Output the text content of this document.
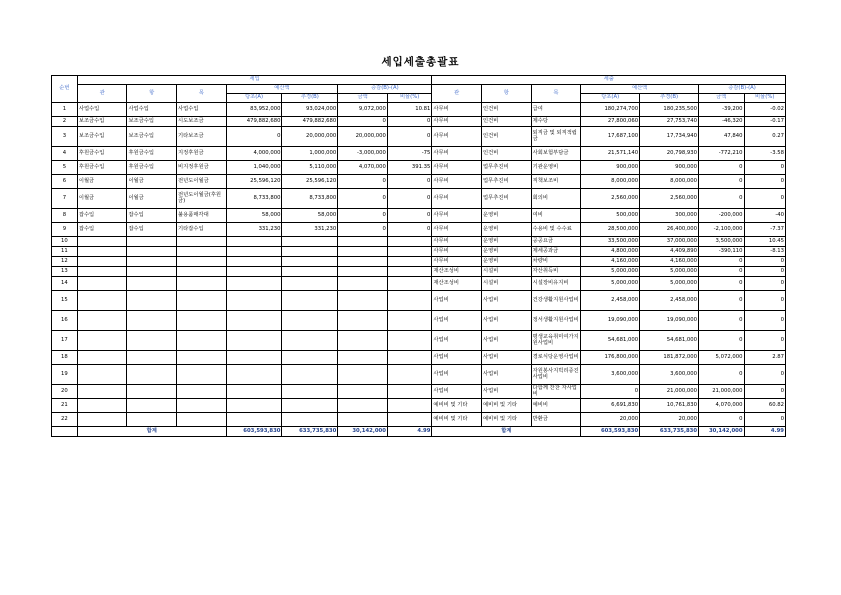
세입세출총괄표
순번	세입							세출						
	관	항	목	예산액		증감(B)-(A)		관	항	목	예산액		증감(B)-(A)	
				당초(A)	추경(B)	금액	비율(%)				당초(A)	추경(B)	금액	비율(%)
1	사업수입	사업수입	사업수입	83,952,000	93,024,000	9,072,000	10.81	사무비	인건비	급여	180,274,700	180,235,500	-39,200	-0.02
2	보조금수입	보조금수입	시도보조금	479,882,680	479,882,680	0	0	사무비	인건비	제수당	27,800,060	27,753,740	-46,320	-0.17
3	보조금수입	보조금수입	기타보조금	0	20,000,000	20,000,000	0	사무비	인건비	퇴직금 및 퇴직적립금	17,687,100	17,734,940	47,840	0.27
4	후원금수입	후원금수입	지정후원금	4,000,000	1,000,000	-3,000,000	-75	사무비	인건비	사회보험부담금	21,571,140	20,798,930	-772,210	-3.58
5	후원금수입	후원금수입	비지정후원금	1,040,000	5,110,000	4,070,000	391.35	사무비	업무추진비	기관운영비	900,000	900,000	0	0
6	이월금	이월금	전년도이월금	25,596,120	25,596,120	0	0	사무비	업무추진비	직책보조비	8,000,000	8,000,000	0	0
7	이월금	이월금	전년도이월금(후원금)	8,733,800	8,733,800	0	0	사무비	업무추진비	회의비	2,560,000	2,560,000	0	0
8	잡수입	잡수입	불용품매각대	58,000	58,000	0	0	사무비	운영비	여비	500,000	300,000	-200,000	-40
9	잡수입	잡수입	기타잡수입	331,230	331,230	0	0	사무비	운영비	수용비 및 수수료	28,500,000	26,400,000	-2,100,000	-7.37
10								사무비	운영비	공공요금	33,500,000	37,000,000	3,500,000	10.45
11								사무비	운영비	제세공과금	4,800,000	4,409,890	-390,110	-8.13
12								사무비	운영비	차량비	4,160,000	4,160,000	0	0
13								재산조성비	시설비	자산취득비	5,000,000	5,000,000	0	0
14								재산조성비	시설비	시설장비유지비	5,000,000	5,000,000	0	0
15								사업비	사업비	건강생활지원사업비	2,458,000	2,458,000	0	0
16								사업비	사업비	정서생활지원사업비	19,090,000	19,090,000	0	0
17								사업비	사업비	평생교육취미여가지원사업비	54,681,000	54,681,000	0	0
18								사업비	사업비	경로식당운영사업비	176,800,000	181,872,000	5,072,000	2.87
19								사업비	사업비	자원봉사지빅리증진사업비	3,600,000	3,600,000	0	0
20								사업비	사업비	다함께 잔찬 자사업비	0	21,000,000	21,000,000	0
21								예비비 및 기타	예비비 및 기타	예비비	6,691,830	10,761,830	4,070,000	60.82
22								예비비 및 기타	예비비 및 기타	반환금	20,000	20,000	0	0
	합계			603,593,830	633,735,830	30,142,000	4.99	합계			603,593,830	633,735,830	30,142,000	4.99
